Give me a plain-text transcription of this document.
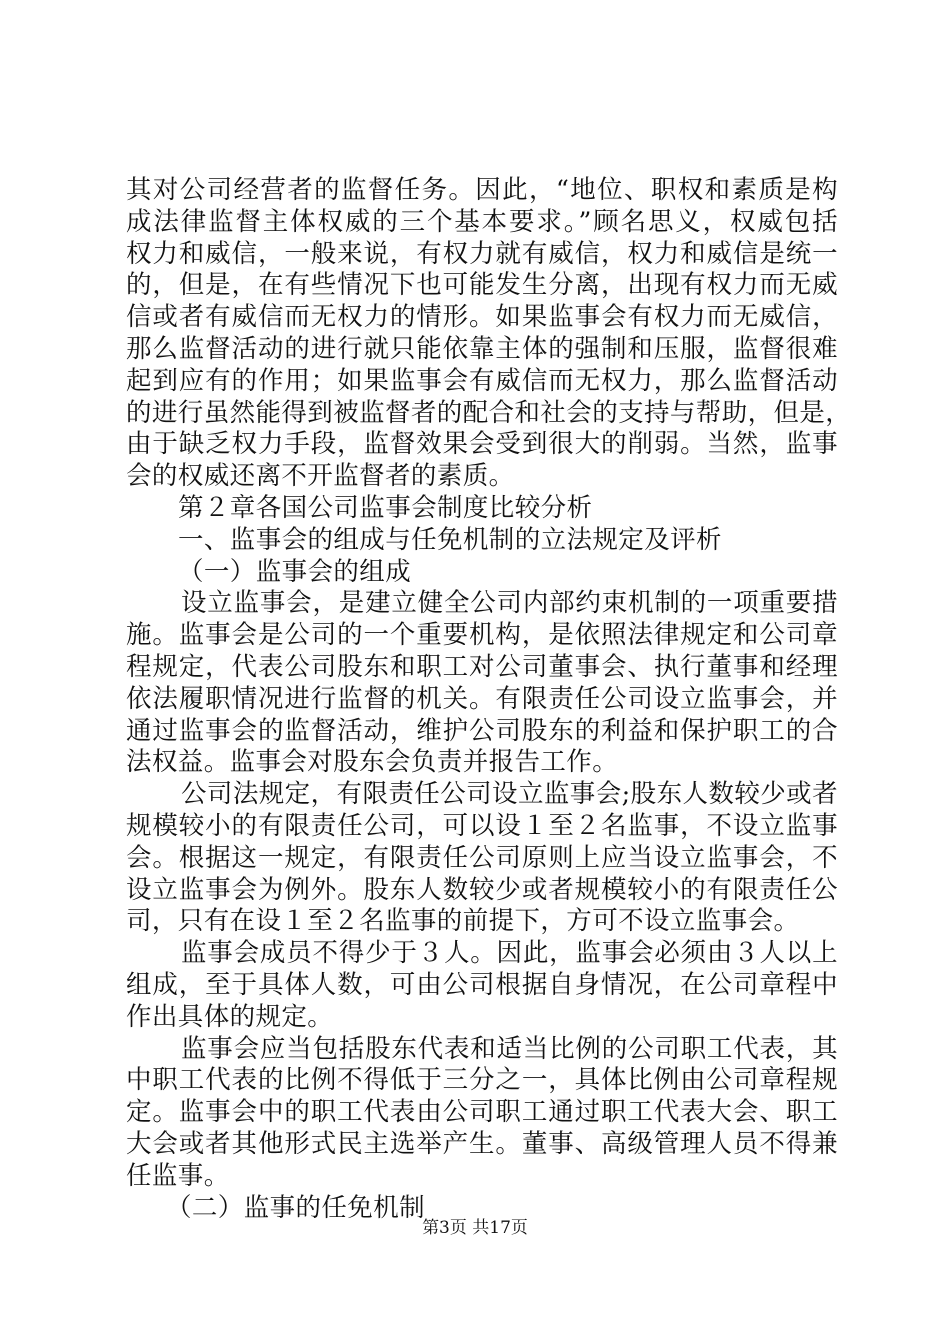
其对公司经营者的监督任务。因此，“地位、职权和素质是构
成法律监督主体权威的三个基本要求。”顾名思义，权威包括
权力和威信，一般来说，有权力就有威信，权力和威信是统一
的，但是，在有些情况下也可能发生分离，出现有权力而无威
信或者有威信而无权力的情形。如果监事会有权力而无威信，
那么监督活动的进行就只能依靠主体的强制和压服，监督很难
起到应有的作用；如果监事会有威信而无权力，那么监督活动
的进行虽然能得到被监督者的配合和社会的支持与帮助，但是，
由于缺乏权力手段，监督效果会受到很大的削弱。当然，监事
会的权威还离不开监督者的素质。
第２章各国公司监事会制度比较分析
一、监事会的组成与任免机制的立法规定及评析
（一）监事会的组成
设立监事会，是建立健全公司内部约束机制的一项重要措
施。监事会是公司的一个重要机构，是依照法律规定和公司章
程规定，代表公司股东和职工对公司董事会、执行董事和经理
依法履职情况进行监督的机关。有限责任公司设立监事会，并
通过监事会的监督活动，维护公司股东的利益和保护职工的合
法权益。监事会对股东会负责并报告工作。
公司法规定，有限责任公司设立监事会;股东人数较少或者
规模较小的有限责任公司，可以设１至２名监事，不设立监事
会。根据这一规定，有限责任公司原则上应当设立监事会，不
设立监事会为例外。股东人数较少或者规模较小的有限责任公
司，只有在设１至２名监事的前提下，方可不设立监事会。
监事会成员不得少于３人。因此，监事会必须由３人以上
组成，至于具体人数，可由公司根据自身情况，在公司章程中
作出具体的规定。
监事会应当包括股东代表和适当比例的公司职工代表，其
中职工代表的比例不得低于三分之一，具体比例由公司章程规
定。监事会中的职工代表由公司职工通过职工代表大会、职工
大会或者其他形式民主选举产生。董事、高级管理人员不得兼
任监事。
（二）监事的任免机制
第3页 共17页
